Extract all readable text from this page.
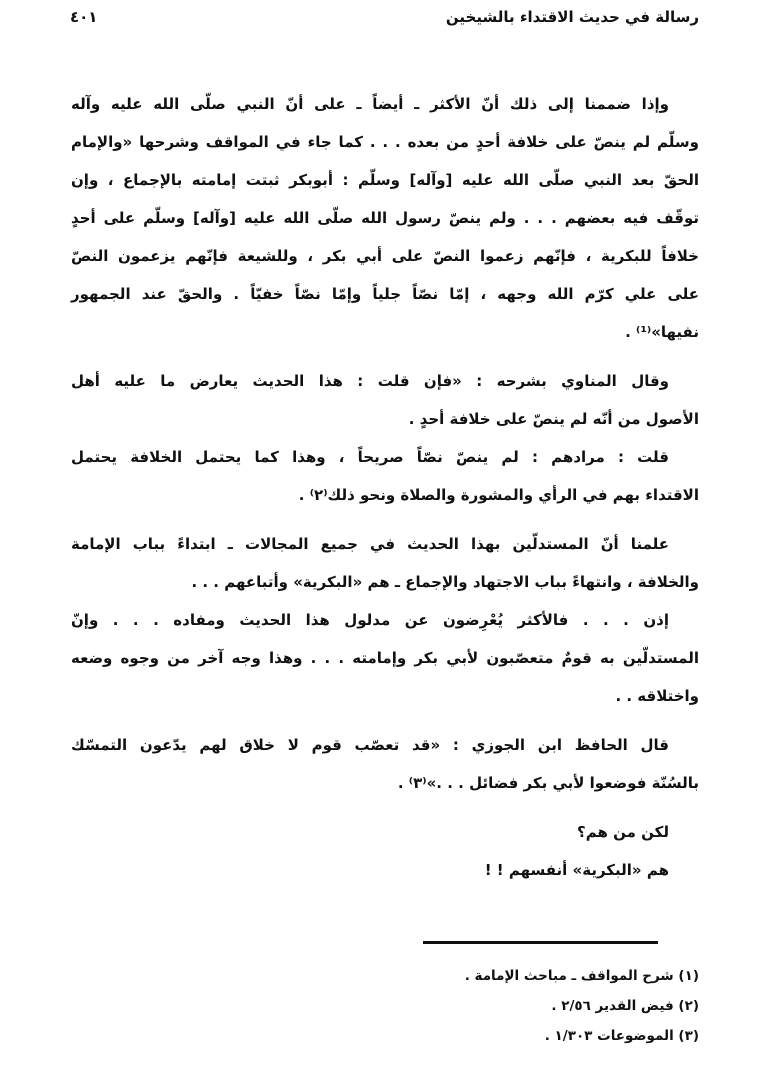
رسالة في حديث الاقتداء بالشيخين
٤٠١
وإذا ضممنا إلى ذلك أنّ الأكثر ـ أيضاً ـ على أنّ النبي صلّى الله عليه وآله
وسلّم لم ينصّ على خلافة أحدٍ من بعده . . . كما جاء في المواقف وشرحها «والإمام
الحقّ بعد النبي صلّى الله عليه [وآله] وسلّم : أبوبكر ثبتت إمامته بالإجماع ، وإن
توقّف فيه بعضهم . . . ولم ينصّ رسول الله صلّى الله عليه [وآله] وسلّم على أحدٍ
خلافاً للبكرية ، فإنّهم زعموا النصّ على أبي بكر ، وللشيعة فإنّهم يزعمون النصّ
على علي كرّم الله وجهه ، إمّا نصّاً جلياً وإمّا نصّاً خفيّاً . والحقّ عند الجمهور
نفيها»⁽¹⁾ .
وقال المناوي بشرحه : «فإن قلت : هذا الحديث يعارض ما عليه أهل
الأصول من أنّه لم ينصّ على خلافة أحدٍ .
قلت : مرادهم : لم ينصّ نصّاً صريحاً ، وهذا كما يحتمل الخلافة يحتمل
الاقتداء بهم في الرأي والمشورة والصلاة ونحو ذلك⁽٢⁾ .
علمنا أنّ المستدلّين بهذا الحديث في جميع المجالات ـ ابتداءً بباب الإمامة
والخلافة ، وانتهاءً بباب الاجتهاد والإجماع ـ هم «البكرية» وأتباعهم . . .
إذن . . . فالأكثر يُعْرِضون عن مدلول هذا الحديث ومفاده . . . وإنّ
المستدلّين به قومٌ متعصّبون لأبي بكر وإمامته . . . وهذا وجه آخر من وجوه وضعه
واختلاقه . .
قال الحافظ ابن الجوزي : «قد تعصّب قوم لا خلاق لهم يدّعون التمسّك
بالسُنّة فوضعوا لأبي بكر فضائل . . .»⁽٣⁾ .
لكن من هم؟
هم «البكرية» أنفسهم ! !
(١) شرح المواقف ـ مباحث الإمامة .
(٢) فيض القدير ٢/٥٦ .
(٣) الموضوعات ١/٣٠٣ .
